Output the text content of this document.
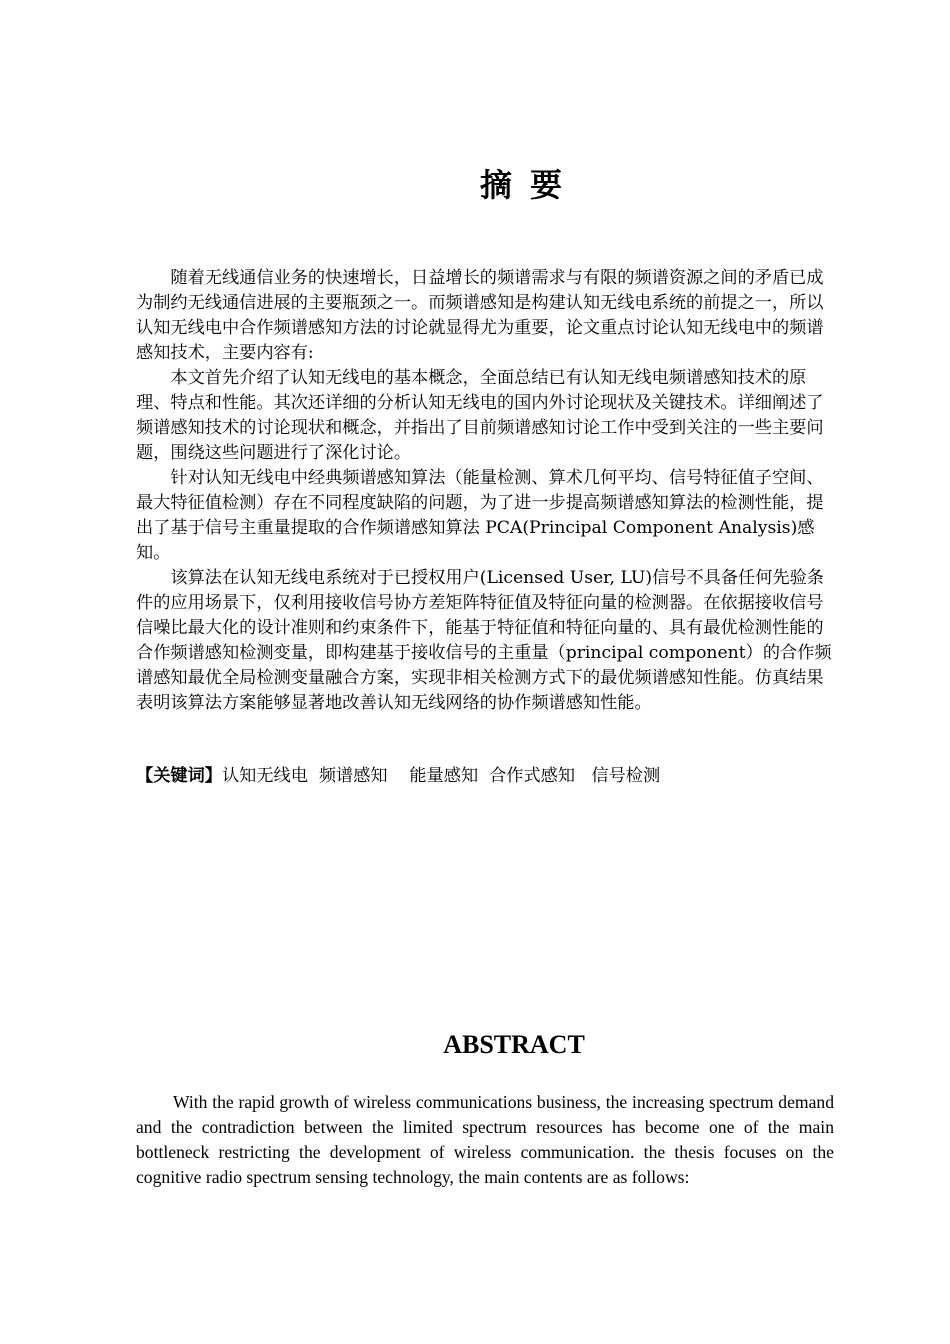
摘 要

随着无线通信业务的快速增长，日益增长的频谱需求与有限的频谱资源之间的矛盾已成为制约无线通信进展的主要瓶颈之一。而频谱感知是构建认知无线电系统的前提之一，所以认知无线电中合作频谱感知方法的讨论就显得尤为重要，论文重点讨论认知无线电中的频谱感知技术，主要内容有:

本文首先介绍了认知无线电的基本概念，全面总结已有认知无线电频谱感知技术的原理、特点和性能。其次还详细的分析认知无线电的国内外讨论现状及关键技术。详细阐述了频谱感知技术的讨论现状和概念，并指出了目前频谱感知讨论工作中受到关注的一些主要问题，围绕这些问题进行了深化讨论。

针对认知无线电中经典频谱感知算法（能量检测、算术几何平均、信号特征值子空间、最大特征值检测）存在不同程度缺陷的问题，为了进一步提高频谱感知算法的检测性能，提出了基于信号主重量提取的合作频谱感知算法 PCA(Principal Component Analysis)感知。

该算法在认知无线电系统对于已授权用户(Licensed User, LU)信号不具备任何先验条件的应用场景下，仅利用接收信号协方差矩阵特征值及特征向量的检测器。在依据接收信号信噪比最大化的设计准则和约束条件下，能基于特征值和特征向量的、具有最优检测性能的合作频谱感知检测变量，即构建基于接收信号的主重量（principal component）的合作频谱感知最优全局检测变量融合方案，实现非相关检测方式下的最优频谱感知性能。仿真结果表明该算法方案能够显著地改善认知无线网络的协作频谱感知性能。

【关键词】认知无线电  频谱感知    能量感知  合作式感知   信号检测
ABSTRACT

With the rapid growth of wireless communications business, the increasing spectrum demand and the contradiction between the limited spectrum resources has become one of the main bottleneck restricting the development of wireless communication. the thesis focuses on the cognitive radio spectrum sensing technology, the main contents are as follows:
